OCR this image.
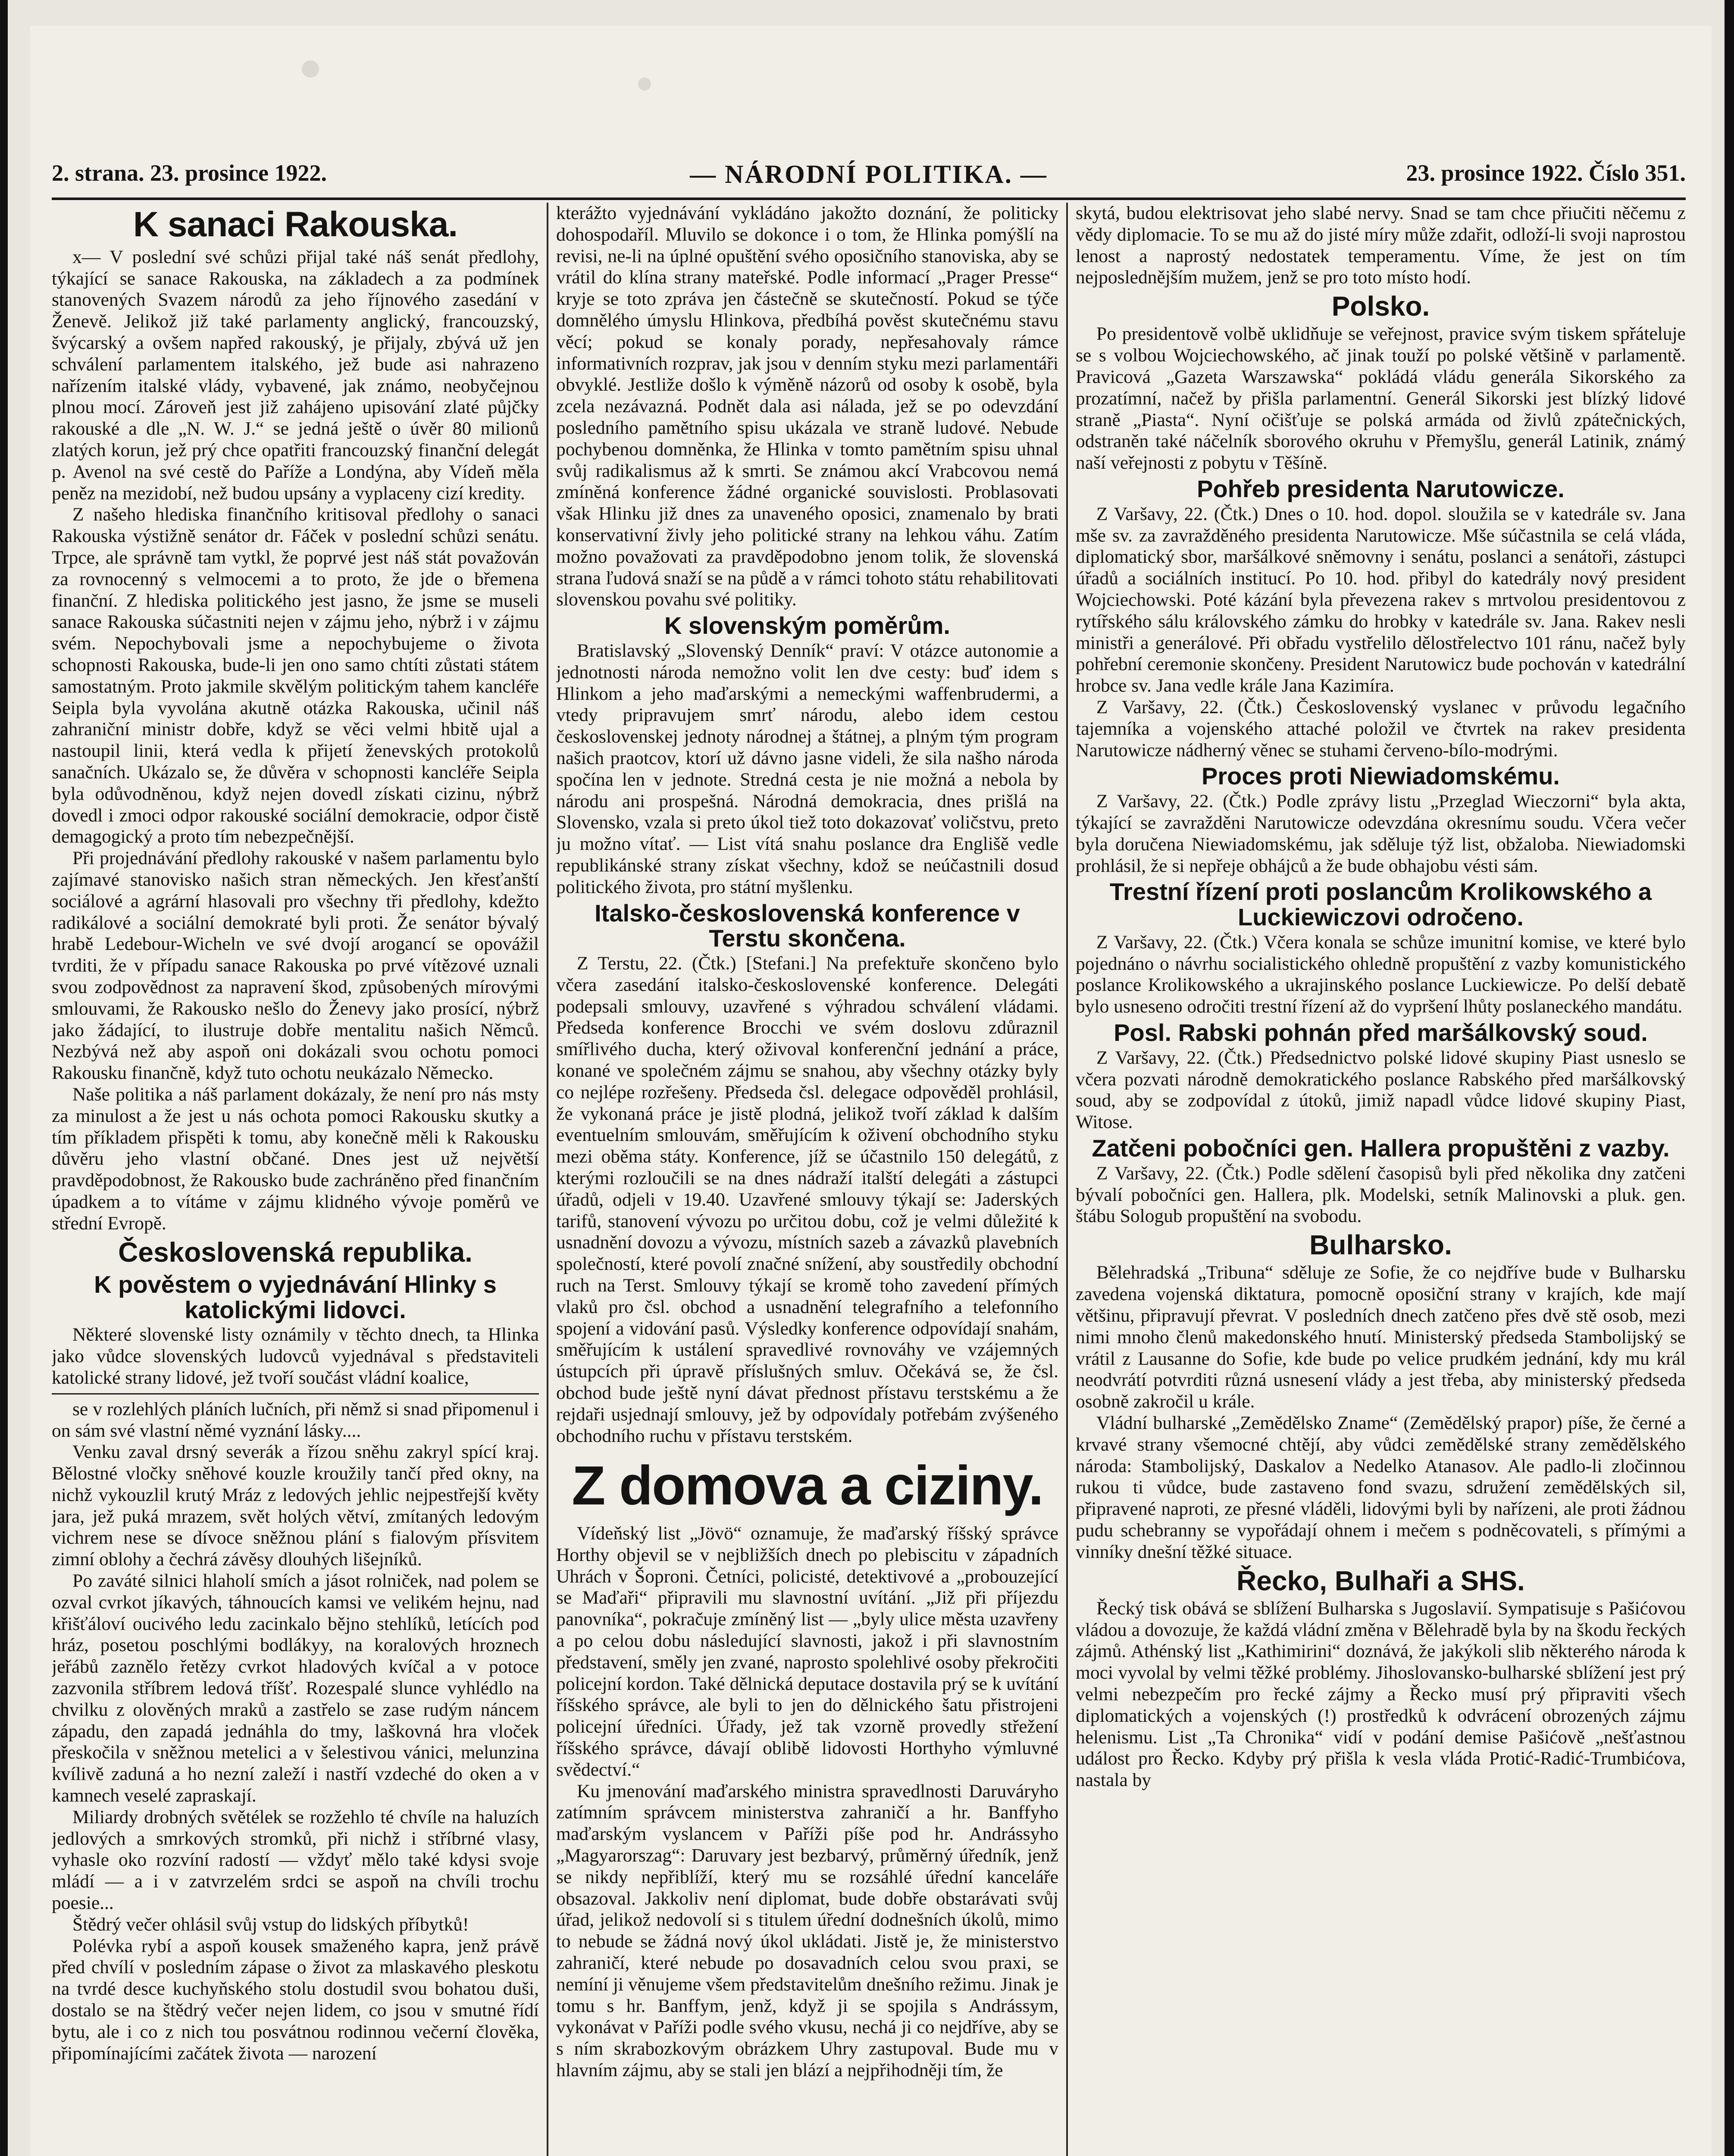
2. strana. 23. prosince 1922.	— NÁRODNÍ POLITIKA. —	23. prosince 1922. Číslo 351.
K sanaci Rakouska.

x— V poslední své schůzi přijal také náš senát předlohy, týkající se sanace Rakouska, na základech a za podmínek stanovených Svazem národů za jeho říjnového zasedání v Ženevě. Jelikož již také parlamenty anglický, francouzský, švýcarský a ovšem napřed rakouský, je přijaly, zbývá už jen schválení parlamentem italského, jež bude asi nahrazeno nařízením italské vlády, vybavené, jak známo, neobyčejnou plnou mocí. Zároveň jest již zahájeno upisování zlaté půjčky rakouské a dle „N. W. J.“ se jedná ještě o úvěr 80 milionů zlatých korun, jež prý chce opatřiti francouzský finanční delegát p. Avenol na své cestě do Paříže a Londýna, aby Vídeň měla peněz na mezidobí, než budou upsány a vyplaceny cizí kredity.

Z našeho hlediska finančního kritisoval předlohy o sanaci Rakouska výstižně senátor dr. Fáček v poslední schůzi senátu. Trpce, ale správně tam vytkl, že poprvé jest náš stát považován za rovnocenný s velmocemi a to proto, že jde o břemena finanční. Z hlediska politického jest jasno, že jsme se museli sanace Rakouska súčastniti nejen v zájmu jeho, nýbrž i v zájmu svém. Nepochybovali jsme a nepochybujeme o života schopnosti Rakouska, bude-li jen ono samo chtíti zůstati státem samostatným. Proto jakmile skvělým politickým tahem kancléře Seipla byla vyvolána akutně otázka Rakouska, učinil náš zahraniční ministr dobře, když se věci velmi hbitě ujal a nastoupil linii, která vedla k přijetí ženevských protokolů sanačních. Ukázalo se, že důvěra v schopnosti kancléře Seipla byla odůvodněnou, když nejen dovedl získati cizinu, nýbrž dovedl i zmoci odpor rakouské sociální demokracie, odpor čistě demagogický a proto tím nebezpečnější.

Při projednávání předlohy rakouské v našem parlamentu bylo zajímavé stanovisko našich stran německých. Jen křesťanští sociálové a agrární hlasovali pro všechny tři předlohy, kdežto radikálové a sociální demokraté byli proti. Že senátor bývalý hrabě Ledebour-Wicheln ve své dvojí arogancí se opovážil tvrditi, že v případu sanace Rakouska po prvé vítězové uznali svou zodpovědnost za napravení škod, způsobených mírovými smlouvami, že Rakousko nešlo do Ženevy jako prosící, nýbrž jako žádající, to ilustruje dobře mentalitu našich Němců. Nezbývá než aby aspoň oni dokázali svou ochotu pomoci Rakousku finančně, když tuto ochotu neukázalo Německo.

Naše politika a náš parlament dokázaly, že není pro nás msty za minulost a že jest u nás ochota pomoci Rakousku skutky a tím příkladem přispěti k tomu, aby konečně měli k Rakousku důvěru jeho vlastní občané. Dnes jest už největší pravděpodobnost, že Rakousko bude zachráněno před finančním úpadkem a to vítáme v zájmu klidného vývoje poměrů ve střední Evropě.

Československá republika.
K pověstem o vyjednávání Hlinky s katolickými lidovci.

Některé slovenské listy oznámily v těchto dnech, ta Hlinka jako vůdce slovenských ludovců vyjednával s představiteli katolické strany lidové, jež tvoří součást vládní koalice,

se v rozlehlých pláních lučních, při němž si snad připomenul i on sám své vlastní němé vyznání lásky....

Venku zaval drsný severák a řízou sněhu zakryl spící kraj. Bělostné vločky sněhové kouzle kroužily tančí před okny, na nichž vykouzlil krutý Mráz z ledových jehlic nejpestřejší květy jara, jež puká mrazem, svět holých větví, zmítaných ledovým vichrem nese se dívoce sněžnou plání s fialovým přísvitem zimní oblohy a čechrá závěsy dlouhých lišejníků.

Po zaváté silnici hlaholí smích a jásot rolniček, nad polem se ozval cvrkot jíkavých, táhnoucích kamsi ve velikém hejnu, nad křišťáloví oucivého ledu zacinkalo bějno stehlíků, letících pod hráz, posetou poschlými bodlákyy, na koralových hroznech jeřábů zaznělo řetězy cvrkot hladových kvíčal a v potoce zazvonila stříbrem ledová tříšť. Rozespalé slunce vyhlédlo na chvilku z olověných mraků a zastřelo se zase rudým náncem západu, den zapadá jednáhla do tmy, laškovná hra vloček přeskočila v sněžnou metelici a v šelestivou vánici, melunzina kvílivě zaduná a ho nezní zaleží i nastří vzdeché do oken a v kamnech veselé zapraskají.

Miliardy drobných světélek se rozžehlo té chvíle na haluzích jedlových a smrkových stromků, při nichž i stříbrné vlasy, vyhasle oko rozvíní radostí — vždyť mělo také kdysi svoje mládí — a i v zatvrzelém srdci se aspoň na chvíli trochu poesie...

Štědrý večer ohlásil svůj vstup do lidských příbytků!

Polévka rybí a aspoň kousek smaženého kapra, jenž právě před chvílí v posledním zápase o život za mlaskavého pleskotu na tvrdé desce kuchyňského stolu dostudil svou bohatou duši, dostalo se na štědrý večer nejen lidem, co jsou v smutné řídí bytu, ale i co z nich tou posvátnou rodinnou večerní člověka, připomínajícími začátek života — narození

kterážto vyjednávání vykládáno jakožto doznání, že politicky dohospodaříl. Mluvilo se dokonce i o tom, že Hlinka pomýšlí na revisi, ne-li na úplné opuštění svého oposičního stanoviska, aby se vrátil do klína strany mateřské. Podle informací „Prager Presse“ kryje se toto zpráva jen částečně se skutečností. Pokud se týče domnělého úmyslu Hlinkova, předbíhá pověst skutečnému stavu věcí; pokud se konaly porady, nepřesahovaly rámce informativních rozprav, jak jsou v denním styku mezi parlamentáři obvyklé. Jestliže došlo k výměně názorů od osoby k osobě, byla zcela nezávazná. Podnět dala asi nálada, jež se po odevzdání posledního pamětního spisu ukázala ve straně ludové. Nebude pochybenou domněnka, že Hlinka v tomto pamětním spisu uhnal svůj radikalismus až k smrti. Se známou akcí Vrabcovou nemá zmíněná konference žádné organické souvislosti. Problasovati však Hlinku již dnes za unaveného oposici, znamenalo by brati konservativní živly jeho politické strany na lehkou váhu. Zatím možno považovati za pravděpodobno jenom tolik, že slovenská strana ľudová snaží se na půdě a v rámci tohoto státu rehabilitovati slovenskou povahu své politiky.

K slovenským poměrům.

Bratislavský „Slovenský Denník“ praví: V otázce autonomie a jednotnosti národa nemožno volit len dve cesty: buď idem s Hlinkom a jeho maďarskými a nemeckými waffenbrudermi, a vtedy pripravujem smrť národu, alebo idem cestou československej jednoty národnej a štátnej, a plným tým program našich praotcov, ktorí už dávno jasne videli, že sila našho národa spočína len v jednote. Stredná cesta je nie možná a nebola by národu ani prospešná. Národná demokracia, dnes prišlá na Slovensko, vzala si preto úkol tiež toto dokazovať voličstvu, preto ju možno vítať. — List vítá snahu poslance dra Englišě vedle republikánské strany získat všechny, kdož se neúčastnili dosud politického života, pro státní myšlenku.

Italsko-československá konference v Terstu skončena.

Z Terstu, 22. (Čtk.) [Stefani.] Na prefektuře skončeno bylo včera zasedání italsko-československé konference. Delegáti podepsali smlouvy, uzavřené s výhradou schválení vládami. Předseda konference Brocchi ve svém doslovu zdůraznil smířlivého ducha, který oživoval konferenční jednání a práce, konané ve společném zájmu se snahou, aby všechny otázky byly co nejlépe rozřešeny. Předseda čsl. delegace odpověděl prohlásil, že vykonaná práce je jistě plodná, jelikož tvoří základ k dalším eventuelním smlouvám, směřujícím k oživení obchodního styku mezi oběma státy. Konference, jíž se účastnilo 150 delegátů, z kterými rozloučili se na dnes nádraží italští delegáti a zástupci úřadů, odjeli v 19.40. Uzavřené smlouvy týkají se: Jaderských tarifů, stanovení vývozu po určitou dobu, což je velmi důležité k usnadnění dovozu a vývozu, místních sazeb a závazků plavebních společností, které povolí značné snížení, aby soustředily obchodní ruch na Terst. Smlouvy týkají se kromě toho zavedení přímých vlaků pro čsl. obchod a usnadnění telegrafního a telefonního spojení a vidování pasů. Výsledky konference odpovídají snahám, směřujícím k ustálení spravedlivé rovnováhy ve vzájemných ústupcích při úpravě příslušných smluv. Očekává se, že čsl. obchod bude ještě nyní dávat přednost přístavu terstskému a že rejdaři usjednají smlouvy, jež by odpovídaly potřebám zvýšeného obchodního ruchu v přístavu terstském.

Z domova a ciziny.

Vídeňský list „Jövö“ oznamuje, že maďarský říšský správce Horthy objevil se v nejbližších dnech po plebiscitu v západních Uhrách v Šoproni. Četníci, policisté, detektivové a „probouzející se Maďaři“ připravili mu slavnostní uvítání. „Již při příjezdu panovníka“, pokračuje zmíněný list — „byly ulice města uzavřeny a po celou dobu následující slavnosti, jakož i při slavnostním představení, směly jen zvané, naprosto spolehlivé osoby překročiti policejní kordon. Také dělnická deputace dostavila prý se k uvítání říšského správce, ale byli to jen do dělnického šatu přistrojeni policejní úředníci. Úřady, jež tak vzorně provedly střežení říšského správce, dávají oblibě lidovosti Horthyho výmluvné svědectví.“

Ku jmenování maďarského ministra spravedlnosti Daruváryho zatímním správcem ministerstva zahraničí a hr. Banffyho maďarským vyslancem v Paříži píše pod hr. Andrássyho „Magyarorszag“: Daruvary jest bezbarvý, průměrný úředník, jenž se nikdy nepřiblíží, který mu se rozsáhlé úřední kanceláře obsazoval. Jakkoliv není diplomat, bude dobře obstarávati svůj úřad, jelikož nedovolí si s titulem úřední dodnešních úkolů, mimo to nebude se žádná nový úkol ukládati. Jistě je, že ministerstvo zahraničí, které nebude po dosavadních celou svou praxi, se nemíní ji věnujeme všem představitelům dnešního režimu. Jinak je tomu s hr. Banffym, jenž, když ji se spojila s Andrássym, vykonávat v Paříži podle svého vkusu, nechá ji co nejdříve, aby se s ním skrabozkovým obrázkem Uhry zastupoval. Bude mu v hlavním zájmu, aby se stali jen blází a nejpřihodněji tím, že

skytá, budou elektrisovat jeho slabé nervy. Snad se tam chce přiučiti něčemu z vědy diplomacie. To se mu až do jisté míry může zdařit, odloží-li svoji naprostou lenost a naprostý nedostatek temperamentu. Víme, že jest on tím nejposlednějším mužem, jenž se pro toto místo hodí.

Polsko.

Po presidentově volbě uklidňuje se veřejnost, pravice svým tiskem spřáteluje se s volbou Wojciechowského, ač jinak touží po polské většině v parlamentě. Pravicová „Gazeta Warszawska“ pokládá vládu generála Sikorského za prozatímní, načež by přišla parlamentní. Generál Sikorski jest blízký lidové straně „Piasta“. Nyní očišťuje se polská armáda od živlů zpátečnických, odstraněn také náčelník sborového okruhu v Přemyšlu, generál Latinik, známý naší veřejnosti z pobytu v Těšíně.

Pohřeb presidenta Narutowicze.

Z Varšavy, 22. (Čtk.) Dnes o 10. hod. dopol. sloužila se v katedrále sv. Jana mše sv. za zavražděného presidenta Narutowicze. Mše súčastnila se celá vláda, diplomatický sbor, maršálkové sněmovny i senátu, poslanci a senátoři, zástupci úřadů a sociálních institucí. Po 10. hod. přibyl do katedrály nový president Wojciechowski. Poté kázání byla převezena rakev s mrtvolou presidentovou z rytířského sálu královského zámku do hrobky v katedrále sv. Jana. Rakev nesli ministři a generálové. Při obřadu vystřelilo dělostřelectvo 101 ránu, načež byly pohřební ceremonie skončeny. President Narutowicz bude pochován v katedrální hrobce sv. Jana vedle krále Jana Kazimíra.

Z Varšavy, 22. (Čtk.) Československý vyslanec v průvodu legačního tajemníka a vojenského attaché položil ve čtvrtek na rakev presidenta Narutowicze nádherný věnec se stuhami červeno-bílo-modrými.

Proces proti Niewiadomskému.

Z Varšavy, 22. (Čtk.) Podle zprávy listu „Przeglad Wieczorni“ byla akta, týkající se zavražděni Narutowicze odevzdána okresnímu soudu. Včera večer byla doručena Niewiadomskému, jak sděluje týž list, obžaloba. Niewiadomski prohlásil, že si nepřeje obhájců a že bude obhajobu vésti sám.

Trestní řízení proti poslancům Krolikowského a Luckiewiczovi odročeno.

Z Varšavy, 22. (Čtk.) Včera konala se schůze imunitní komise, ve které bylo pojednáno o návrhu socialistického ohledně propuštění z vazby komunistického poslance Krolikowského a ukrajinského poslance Luckiewicze. Po delší debatě bylo usneseno odročiti trestní řízení až do vypršení lhůty poslaneckého mandátu.

Posl. Rabski pohnán před maršálkovský soud.

Z Varšavy, 22. (Čtk.) Předsednictvo polské lidové skupiny Piast usneslo se včera pozvati národně demokratického poslance Rabského před maršálkovský soud, aby se zodpovídal z útoků, jimiž napadl vůdce lidové skupiny Piast, Witose.

Zatčeni pobočníci gen. Hallera propuštěni z vazby.

Z Varšavy, 22. (Čtk.) Podle sdělení časopisů byli před několika dny zatčeni bývalí pobočníci gen. Hallera, plk. Modelski, setník Malinovski a pluk. gen. štábu Sologub propuštění na svobodu.

Bulharsko.

Bělehradská „Tribuna“ sděluje ze Sofie, že co nejdříve bude v Bulharsku zavedena vojenská diktatura, pomocně oposiční strany v krajích, kde mají většinu, připravují převrat. V posledních dnech zatčeno přes dvě stě osob, mezi nimi mnoho členů makedonského hnutí. Ministerský předseda Stambolijský se vrátil z Lausanne do Sofie, kde bude po velice prudkém jednání, kdy mu král neodvrátí potvrditi různá usnesení vlády a jest třeba, aby ministerský předseda osobně zakročil u krále.

Vládní bulharské „Zemědělsko Zname“ (Zemědělský prapor) píše, že černé a krvavé strany všemocné chtějí, aby vůdci zemědělské strany zemědělského národa: Stambolijský, Daskalov a Nedelko Atanasov. Ale padlo-li zločinnou rukou ti vůdce, bude zastaveno fond svazu, sdružení zemědělských sil, připravené naproti, ze přesné vláděli, lidovými byli by nařízeni, ale proti žádnou pudu schebranny se vypořádají ohnem i mečem s podněcovateli, s přímými a vinníky dnešní těžké situace.

Řecko, Bulhaři a SHS.

Řecký tisk obává se sblížení Bulharska s Jugoslavií. Sympatisuje s Pašićovou vládou a dovozuje, že každá vládní změna v Bělehradě byla by na škodu řeckých zájmů. Athénský list „Kathimirini“ doznává, že jakýkoli slib některého národa k moci vyvolal by velmi těžké problémy. Jihoslovansko-bulharské sblížení jest prý velmi nebezpečím pro řecké zájmy a Řecko musí prý připraviti všech diplomatických a vojenských (!) prostředků k odvrácení obrozených zájmu helenismu. List „Ta Chronika“ vidí v podání demise Pašićově „nešťastnou událost pro Řecko. Kdyby prý přišla k vesla vláda Protić-Radić-Trumbićova, nastala by
